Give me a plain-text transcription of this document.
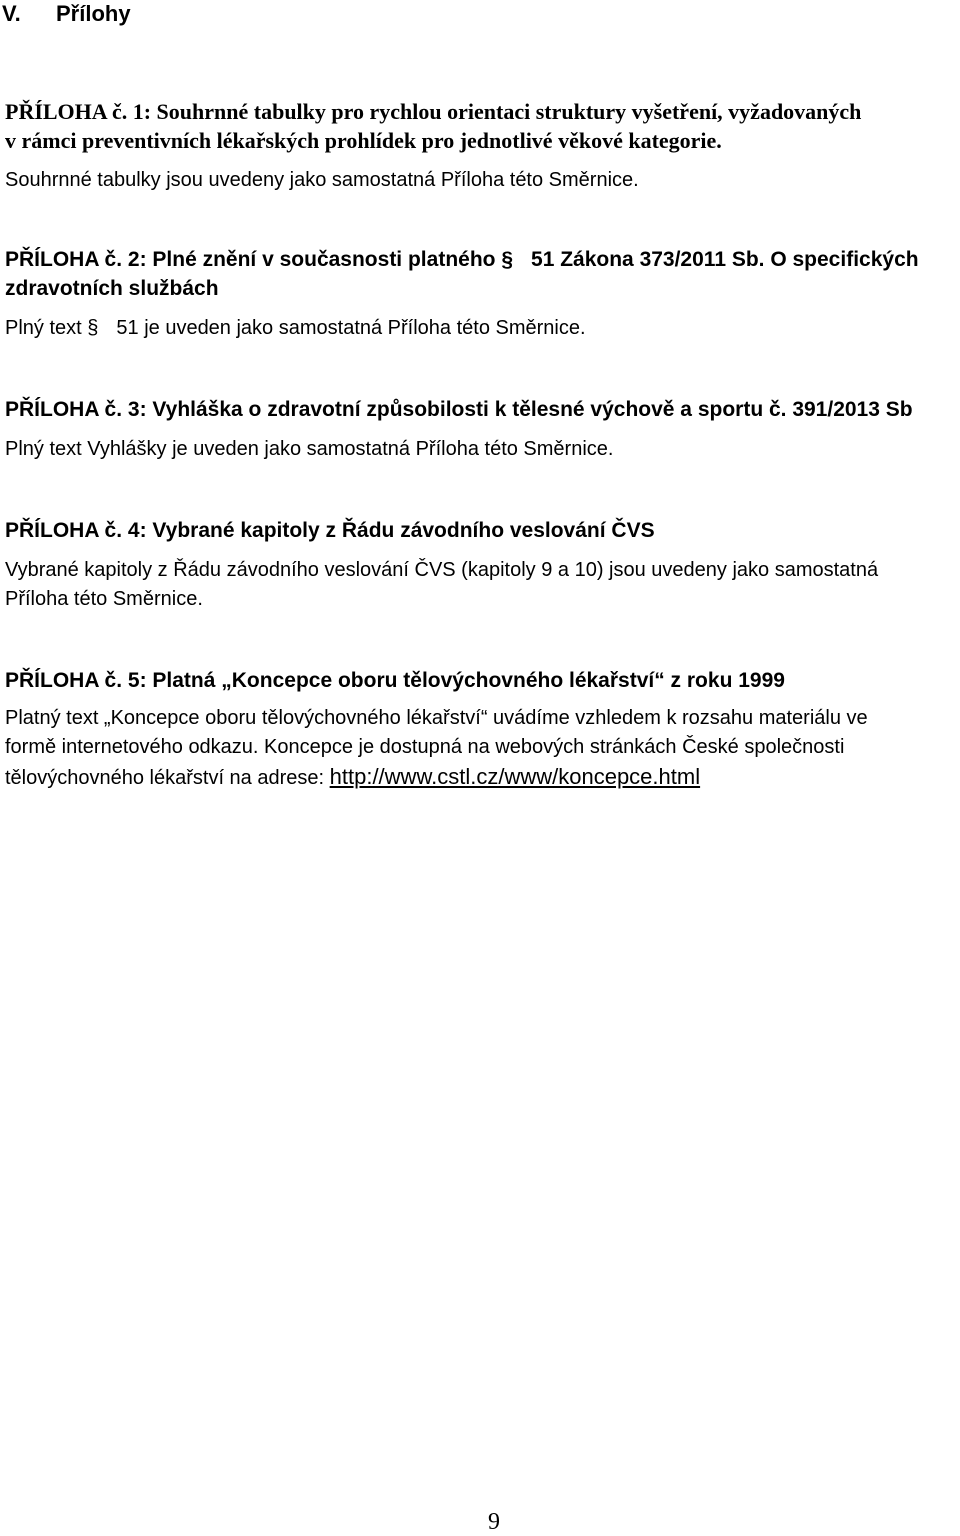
V. Přílohy
PŘÍLOHA č. 1: Souhrnné tabulky pro rychlou orientaci struktury vyšetření, vyžadovaných
v rámci preventivních lékařských prohlídek pro jednotlivé věkové kategorie.
Souhrnné tabulky jsou uvedeny jako samostatná Příloha této Směrnice.
PŘÍLOHA č. 2: Plné znění v současnosti platného § 51 Zákona 373/2011 Sb. O specifických
zdravotních službách
Plný text § 51 je uveden jako samostatná Příloha této Směrnice.
PŘÍLOHA č. 3: Vyhláška o zdravotní způsobilosti k tělesné výchově a sportu č. 391/2013 Sb
Plný text Vyhlášky je uveden jako samostatná Příloha této Směrnice.
PŘÍLOHA č. 4: Vybrané kapitoly z Řádu závodního veslování ČVS
Vybrané kapitoly z Řádu závodního veslování ČVS (kapitoly 9 a 10) jsou uvedeny jako samostatná
Příloha této Směrnice.
PŘÍLOHA č. 5: Platná „Koncepce oboru tělovýchovného lékařství“ z roku 1999
Platný text „Koncepce oboru tělovýchovného lékařství“ uvádíme vzhledem k rozsahu materiálu ve
formě internetového odkazu. Koncepce je dostupná na webových stránkách České společnosti
tělovýchovného lékařství na adrese: http://www.cstl.cz/www/koncepce.html
9
